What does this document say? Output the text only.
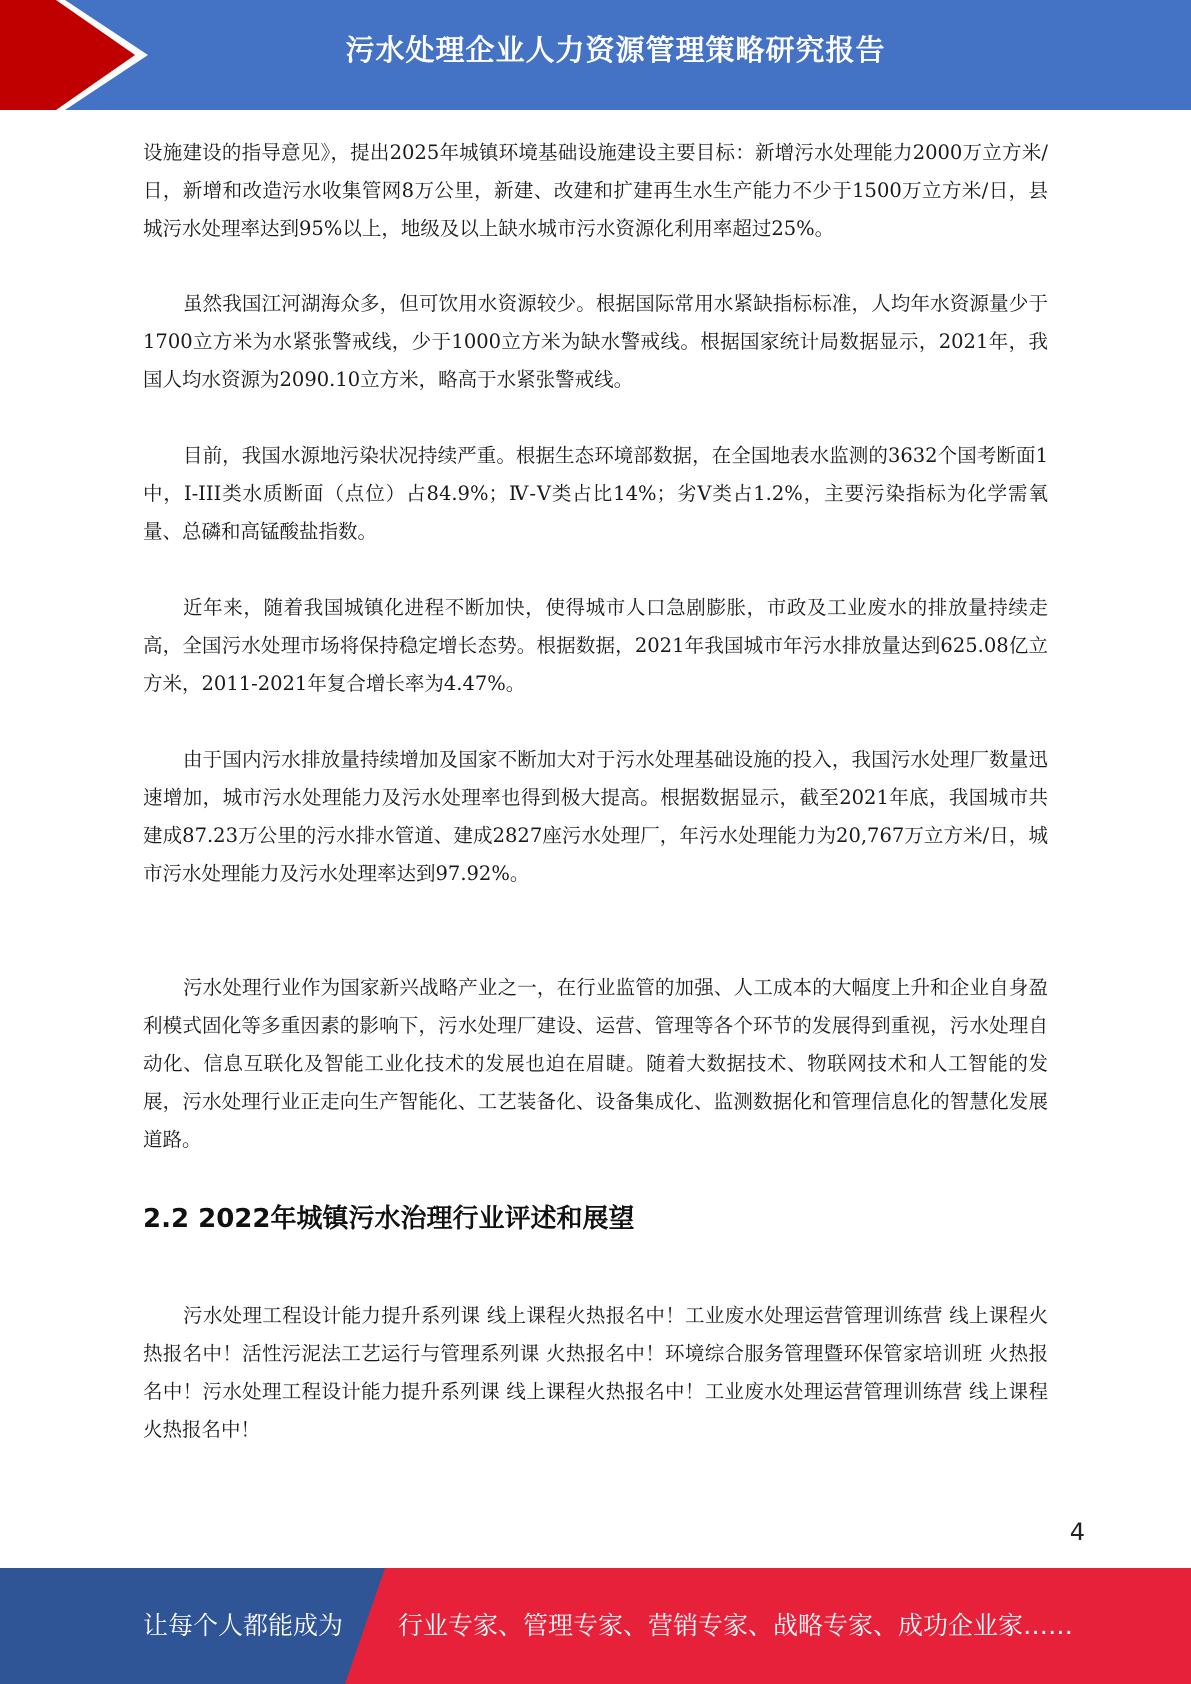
污水处理企业人力资源管理策略研究报告

设施建设的指导意见》，提出2025年城镇环境基础设施建设主要目标：新增污水处理能力2000万立方米/日，新增和改造污水收集管网8万公里，新建、改建和扩建再生水生产能力不少于1500万立方米/日，县城污水处理率达到95%以上，地级及以上缺水城市污水资源化利用率超过25%。

虽然我国江河湖海众多，但可饮用水资源较少。根据国际常用水紧缺指标标准，人均年水资源量少于1700立方米为水紧张警戒线，少于1000立方米为缺水警戒线。根据国家统计局数据显示，2021年，我国人均水资源为2090.10立方米，略高于水紧张警戒线。

目前，我国水源地污染状况持续严重。根据生态环境部数据，在全国地表水监测的3632个国考断面1中，I-III类水质断面（点位）占84.9%；Ⅳ-Ⅴ类占比14%；劣Ⅴ类占1.2%，主要污染指标为化学需氧量、总磷和高锰酸盐指数。

近年来，随着我国城镇化进程不断加快，使得城市人口急剧膨胀，市政及工业废水的排放量持续走高，全国污水处理市场将保持稳定增长态势。根据数据，2021年我国城市年污水排放量达到625.08亿立方米，2011-2021年复合增长率为4.47%。

由于国内污水排放量持续增加及国家不断加大对于污水处理基础设施的投入，我国污水处理厂数量迅速增加，城市污水处理能力及污水处理率也得到极大提高。根据数据显示，截至2021年底，我国城市共建成87.23万公里的污水排水管道、建成2827座污水处理厂，年污水处理能力为20,767万立方米/日，城市污水处理能力及污水处理率达到97.92%。

污水处理行业作为国家新兴战略产业之一，在行业监管的加强、人工成本的大幅度上升和企业自身盈利模式固化等多重因素的影响下，污水处理厂建设、运营、管理等各个环节的发展得到重视，污水处理自动化、信息互联化及智能工业化技术的发展也迫在眉睫。随着大数据技术、物联网技术和人工智能的发展，污水处理行业正走向生产智能化、工艺装备化、设备集成化、监测数据化和管理信息化的智慧化发展道路。

2.2 2022年城镇污水治理行业评述和展望

污水处理工程设计能力提升系列课 线上课程火热报名中！工业废水处理运营管理训练营 线上课程火热报名中！活性污泥法工艺运行与管理系列课 火热报名中！环境综合服务管理暨环保管家培训班 火热报名中！污水处理工程设计能力提升系列课 线上课程火热报名中！工业废水处理运营管理训练营 线上课程火热报名中！

4
让每个人都能成为 行业专家、管理专家、营销专家、战略专家、成功企业家……
